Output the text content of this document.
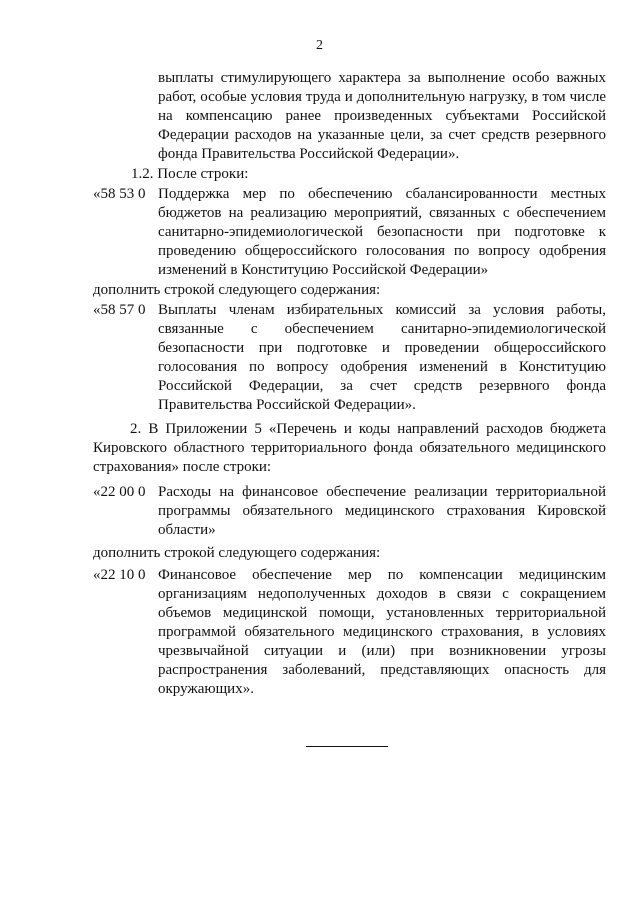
2
выплаты стимулирующего характера за выполнение особо важных
работ, особые условия труда и дополнительную нагрузку, в том числе
на компенсацию ранее произведенных субъектами Российской
Федерации расходов на указанные цели, за счет средств резервного
фонда Правительства Российской Федерации».
1.2. После строки:
«58 53 0 Поддержка мер по обеспечению сбалансированности местных
бюджетов на реализацию мероприятий, связанных с обеспечением
санитарно-эпидемиологической безопасности при подготовке к
проведению общероссийского голосования по вопросу одобрения
изменений в Конституцию Российской Федерации»
дополнить строкой следующего содержания:
«58 57 0 Выплаты членам избирательных комиссий за условия работы,
связанные с обеспечением санитарно-эпидемиологической
безопасности при подготовке и проведении общероссийского
голосования по вопросу одобрения изменений в Конституцию
Российской Федерации, за счет средств резервного фонда
Правительства Российской Федерации».
2. В Приложении 5 «Перечень и коды направлений расходов бюджета
Кировского областного территориального фонда обязательного медицинского
страхования» после строки:
«22 00 0 Расходы на финансовое обеспечение реализации территориальной
программы обязательного медицинского страхования Кировской
области»
дополнить строкой следующего содержания:
«22 10 0 Финансовое обеспечение мер по компенсации медицинским
организациям недополученных доходов в связи с сокращением
объемов медицинской помощи, установленных территориальной
программой обязательного медицинского страхования, в условиях
чрезвычайной ситуации и (или) при возникновении угрозы
распространения заболеваний, представляющих опасность для
окружающих».
